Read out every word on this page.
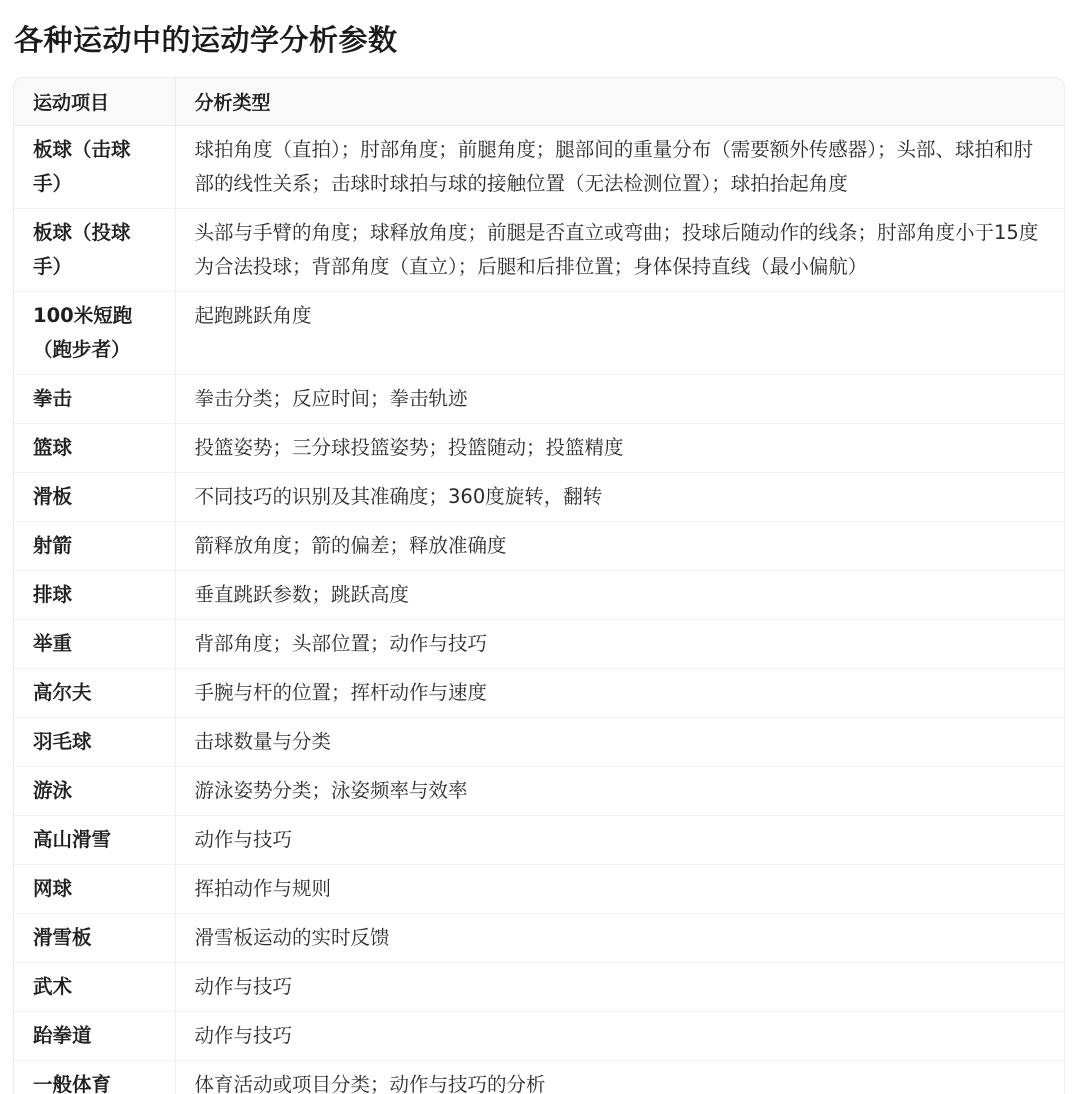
各种运动中的运动学分析参数
运动项目	分析类型
板球（击球手）	球拍角度（直拍）；肘部角度；前腿角度；腿部间的重量分布（需要额外传感器）；头部、球拍和肘部的线性关系；击球时球拍与球的接触位置（无法检测位置）；球拍抬起角度
板球（投球手）	头部与手臂的角度；球释放角度；前腿是否直立或弯曲；投球后随动作的线条；肘部角度小于15度为合法投球；背部角度（直立）；后腿和后排位置；身体保持直线（最小偏航）
100米短跑（跑步者）	起跑跳跃角度
拳击	拳击分类；反应时间；拳击轨迹
篮球	投篮姿势；三分球投篮姿势；投篮随动；投篮精度
滑板	不同技巧的识别及其准确度；360度旋转，翻转
射箭	箭释放角度；箭的偏差；释放准确度
排球	垂直跳跃参数；跳跃高度
举重	背部角度；头部位置；动作与技巧
高尔夫	手腕与杆的位置；挥杆动作与速度
羽毛球	击球数量与分类
游泳	游泳姿势分类；泳姿频率与效率
高山滑雪	动作与技巧
网球	挥拍动作与规则
滑雪板	滑雪板运动的实时反馈
武术	动作与技巧
跆拳道	动作与技巧
一般体育	体育活动或项目分类；动作与技巧的分析
